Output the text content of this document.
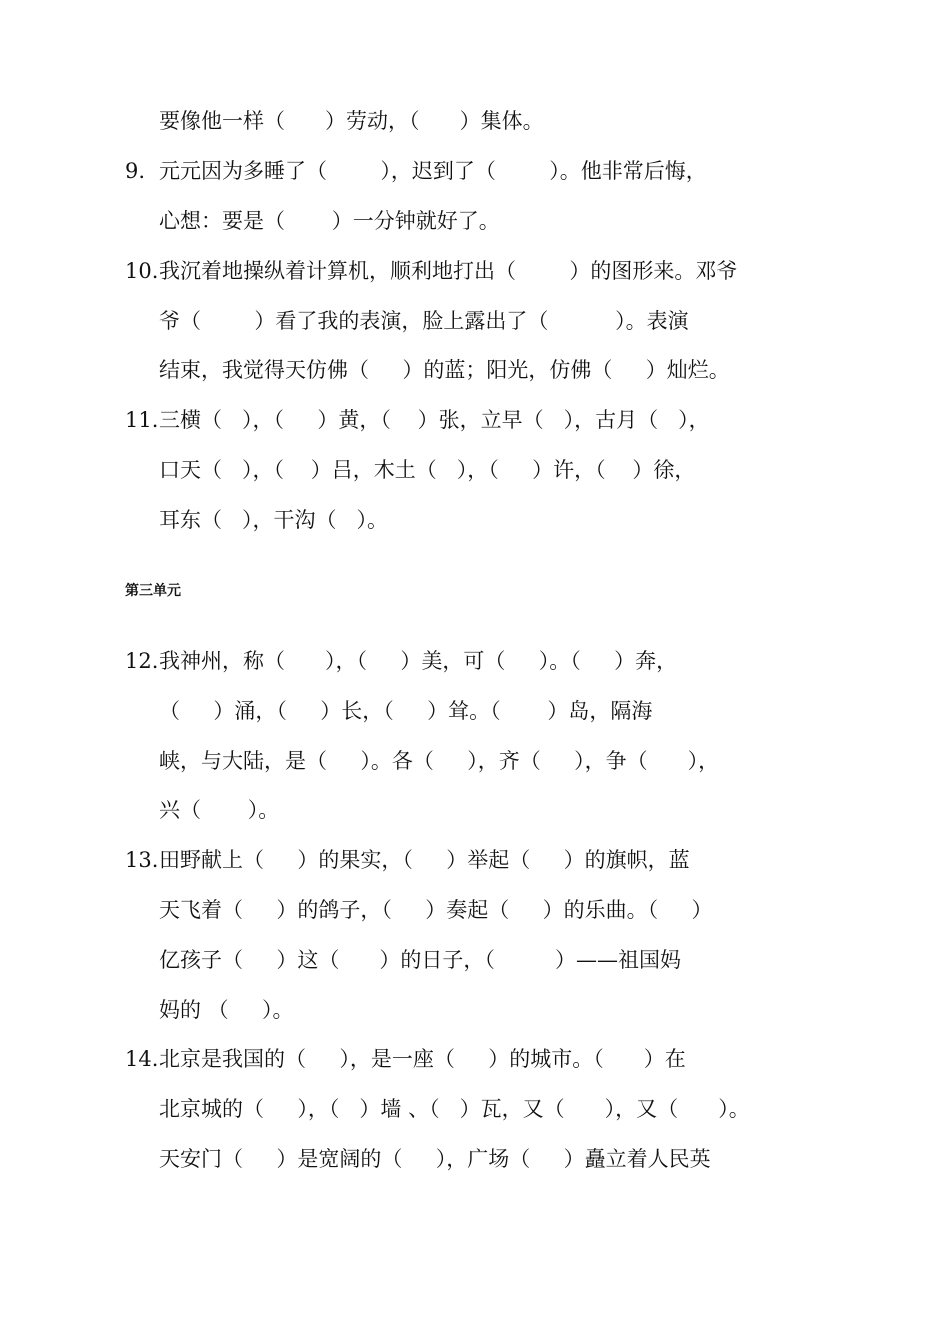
要像他一样（      ）劳动，（      ）集体。

9.

元元因为多睡了（        ），迟到了（        ）。他非常后悔，

心想：要是（       ）一分钟就好了。

10.

我沉着地操纵着计算机，顺利地打出（        ）的图形来。邓爷

爷（        ）看了我的表演，脸上露出了（          ）。表演

结束，我觉得天仿佛（     ）的蓝；阳光，仿佛（     ）灿烂。

11.

三横（   ），（     ）黄，（    ）张，立早（   ），古月（   ），

口天（   ），（    ）吕，木土（   ），（     ）许，（    ）徐，

耳东（   ），干沟（   ）。

第三单元

12.

我神州，称（      ），（     ）美，可（     ）。（     ）奔，

（     ）涌，（     ）长，（     ）耸。（       ）岛，隔海

峡，与大陆，是（     ）。各（     ），齐（     ），争（      ），

兴（       ）。

13.

田野献上（     ）的果实，（     ）举起（     ）的旗帜，蓝

天飞着（     ）的鸽子，（     ）奏起（     ）的乐曲。（     ）

亿孩子（     ）这（      ）的日子，（         ）——祖国妈

妈的 （     ）。

14.

北京是我国的（     ），是一座（     ）的城市。（      ）在

北京城的（     ），（   ）墙 、（   ）瓦，又（      ），又（      ）。

天安门（     ）是宽阔的（     ），广场（     ）矗立着人民英
